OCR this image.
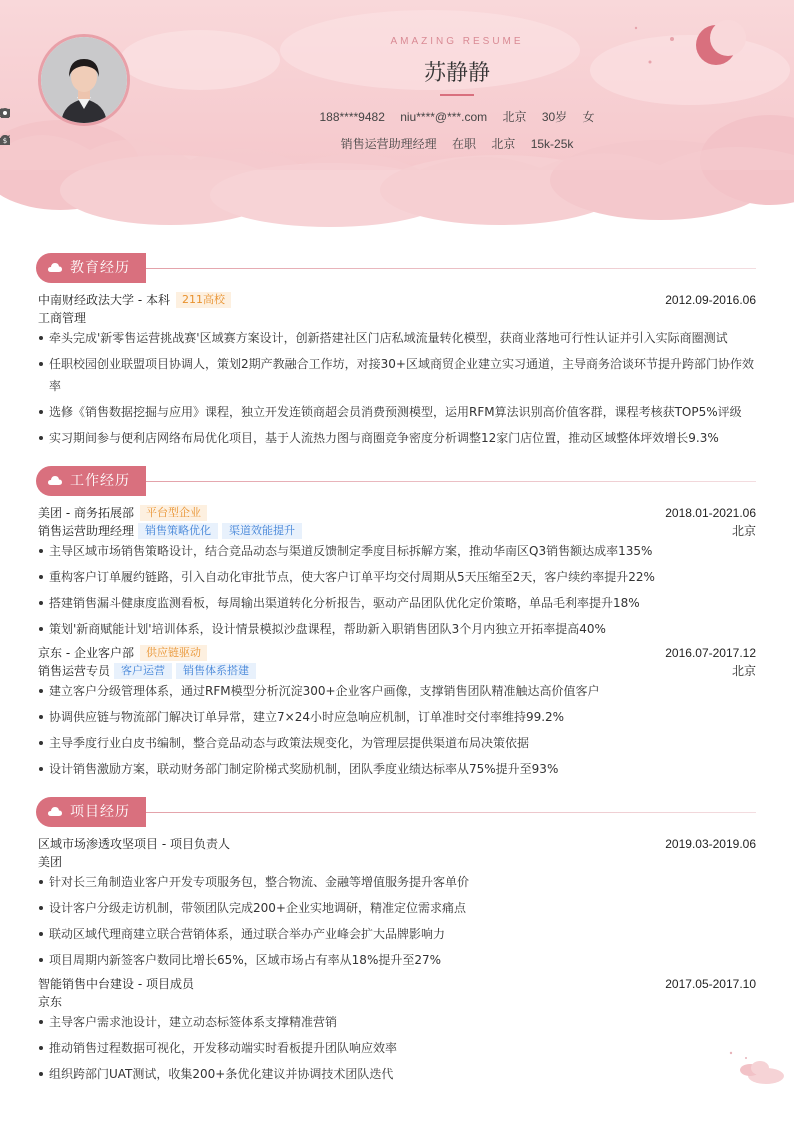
AMAZING RESUME
苏静静
188****9482 niu****@***.com 北京 30岁 女
销售运营助理经理 在职 北京
$	15k-25k
教育经历
中南财经政法大学 - 本科 211高校	2012.09-2016.06
工商管理
牵头完成'新零售运营挑战赛'区域赛方案设计，创新搭建社区门店私域流量转化模型，获商业落地可行性认证并引入实际商圈测试
任职校园创业联盟项目协调人，策划2期产教融合工作坊，对接30+区域商贸企业建立实习通道，主导商务洽谈环节提升跨部门协作效率
选修《销售数据挖掘与应用》课程，独立开发连锁商超会员消费预测模型，运用RFM算法识别高价值客群，课程考核获TOP5%评级
实习期间参与便利店网络布局优化项目，基于人流热力图与商圈竞争密度分析调整12家门店位置，推动区域整体坪效增长9.3%
工作经历
美团 - 商务拓展部 平台型企业	2018.01-2021.06
销售运营助理经理 销售策略优化 渠道效能提升	北京
主导区域市场销售策略设计，结合竞品动态与渠道反馈制定季度目标拆解方案，推动华南区Q3销售额达成率135%
重构客户订单履约链路，引入自动化审批节点，使大客户订单平均交付周期从5天压缩至2天，客户续约率提升22%
搭建销售漏斗健康度监测看板，每周输出渠道转化分析报告，驱动产品团队优化定价策略，单品毛利率提升18%
策划'新商赋能计划'培训体系，设计情景模拟沙盘课程，帮助新入职销售团队3个月内独立开拓率提高40%
京东 - 企业客户部 供应链驱动	2016.07-2017.12
销售运营专员 客户运营 销售体系搭建	北京
建立客户分级管理体系，通过RFM模型分析沉淀300+企业客户画像，支撑销售团队精准触达高价值客户
协调供应链与物流部门解决订单异常，建立7×24小时应急响应机制，订单准时交付率维持99.2%
主导季度行业白皮书编制，整合竞品动态与政策法规变化，为管理层提供渠道布局决策依据
设计销售激励方案，联动财务部门制定阶梯式奖励机制，团队季度业绩达标率从75%提升至93%
项目经历
区域市场渗透攻坚项目 - 项目负责人	2019.03-2019.06
美团
针对长三角制造业客户开发专项服务包，整合物流、金融等增值服务提升客单价
设计客户分级走访机制，带领团队完成200+企业实地调研，精准定位需求痛点
联动区域代理商建立联合营销体系，通过联合举办产业峰会扩大品牌影响力
项目周期内新签客户数同比增长65%，区域市场占有率从18%提升至27%
智能销售中台建设 - 项目成员	2017.05-2017.10
京东
主导客户需求池设计，建立动态标签体系支撑精准营销
推动销售过程数据可视化，开发移动端实时看板提升团队响应效率
组织跨部门UAT测试，收集200+条优化建议并协调技术团队迭代
